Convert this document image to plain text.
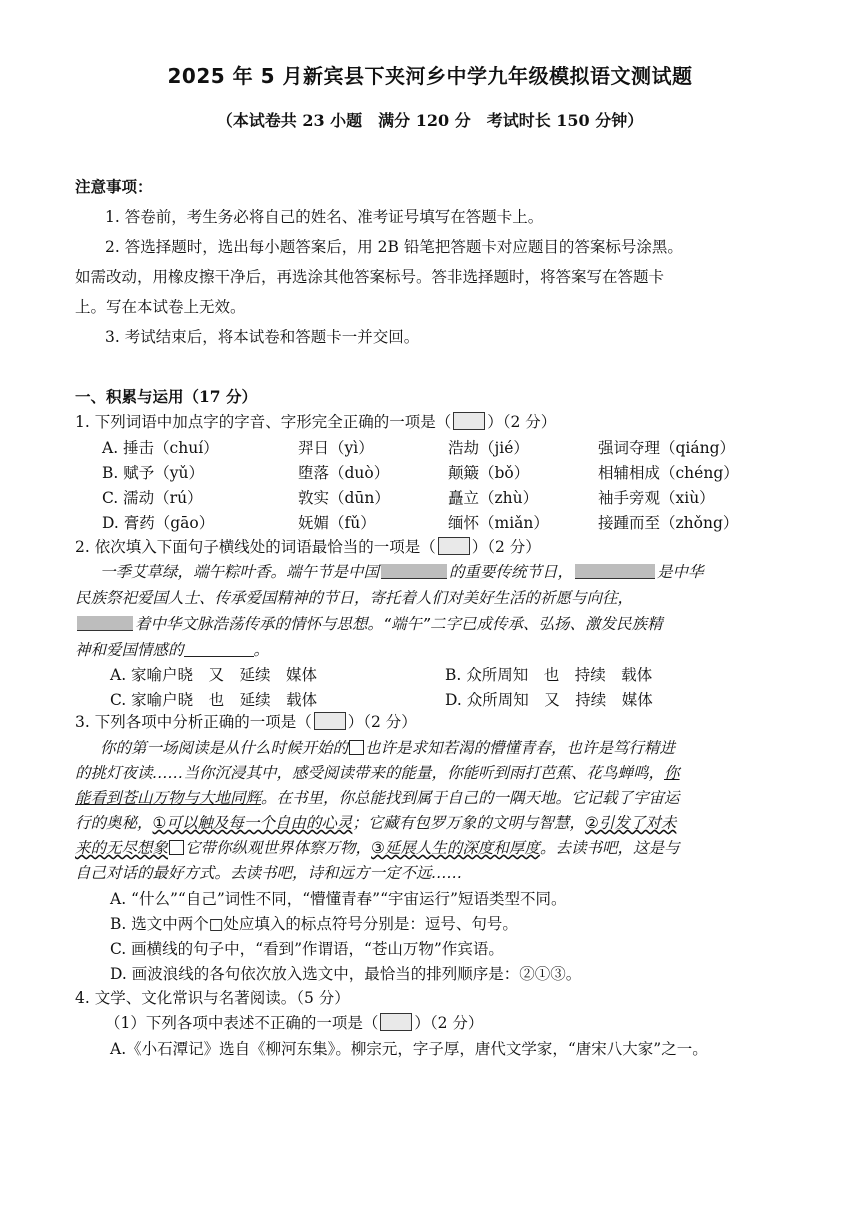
2025 年 5 月新宾县下夹河乡中学九年级模拟语文测试题
（本试卷共 23 小题　满分 120 分　考试时长 150 分钟）
注意事项：
1. 答卷前，考生务必将自己的姓名、准考证号填写在答题卡上。
2. 答选择题时，选出每小题答案后，用 2B 铅笔把答题卡对应题目的答案标号涂黑。
如需改动，用橡皮擦干净后，再选涂其他答案标号。答非选择题时，将答案写在答题卡
上。写在本试卷上无效。
3. 考试结束后，将本试卷和答题卡一并交回。
一、积累与运用（17 分）
1. 下列词语中加点字的字音、字形完全正确的一项是（ ）（2 分）
A. 捶击（chuí）	羿日（yì）	浩劫（jié）	强词夺理（qiáng）
B. 赋予（yǔ）	堕落（duò）	颠簸（bǒ）	相辅相成（chéng）
C. 濡动（rú）	敦实（dūn）	矗立（zhù）	袖手旁观（xiù）
D. 膏药（gāo）	妩媚（fǔ）	缅怀（miǎn）	接踵而至（zhǒng）
2. 依次填入下面句子横线处的词语最恰当的一项是（ ）（2 分）
一季艾草绿，端午粽叶香。端午节是中国	的重要传统节日，	是中华
民族祭祀爱国人士、传承爱国精神的节日，寄托着人们对美好生活的祈愿与向往，
着中华文脉浩荡传承的情怀与思想。“端午”二字已成传承、弘扬、激发民族精
神和爱国情感的	。
A. 家喻户晓　又　延续　媒体	B. 众所周知　也　持续　载体
C. 家喻户晓　也　延续　载体	D. 众所周知　又　持续　媒体
3. 下列各项中分析正确的一项是（ ）（2 分）
你的第一场阅读是从什么时候开始的 也许是求知若渴的懵懂青春，也许是笃行精进
的挑灯夜读……当你沉浸其中，感受阅读带来的能量，你能听到雨打芭蕉、花鸟蝉鸣，你
能看到苍山万物与大地同辉。在书里，你总能找到属于自己的一隅天地。它记载了宇宙运
行的奥秘，①可以触及每一个自由的心灵；它藏有包罗万象的文明与智慧，②引发了对未
来的无尽想象 它带你纵观世界体察万物，③延展人生的深度和厚度。去读书吧，这是与
自己对话的最好方式。去读书吧，诗和远方一定不远……
A. “什么”“自己”词性不同，“懵懂青春”“宇宙运行”短语类型不同。
B. 选文中两个□处应填入的标点符号分别是：逗号、句号。
C. 画横线的句子中，“看到”作谓语，“苍山万物”作宾语。
D. 画波浪线的各句依次放入选文中，最恰当的排列顺序是：②①③。
4. 文学、文化常识与名著阅读。（5 分）
（1）下列各项中表述不正确的一项是（ ）（2 分）
A.《小石潭记》选自《柳河东集》。柳宗元，字子厚，唐代文学家，“唐宋八大家”之一。
